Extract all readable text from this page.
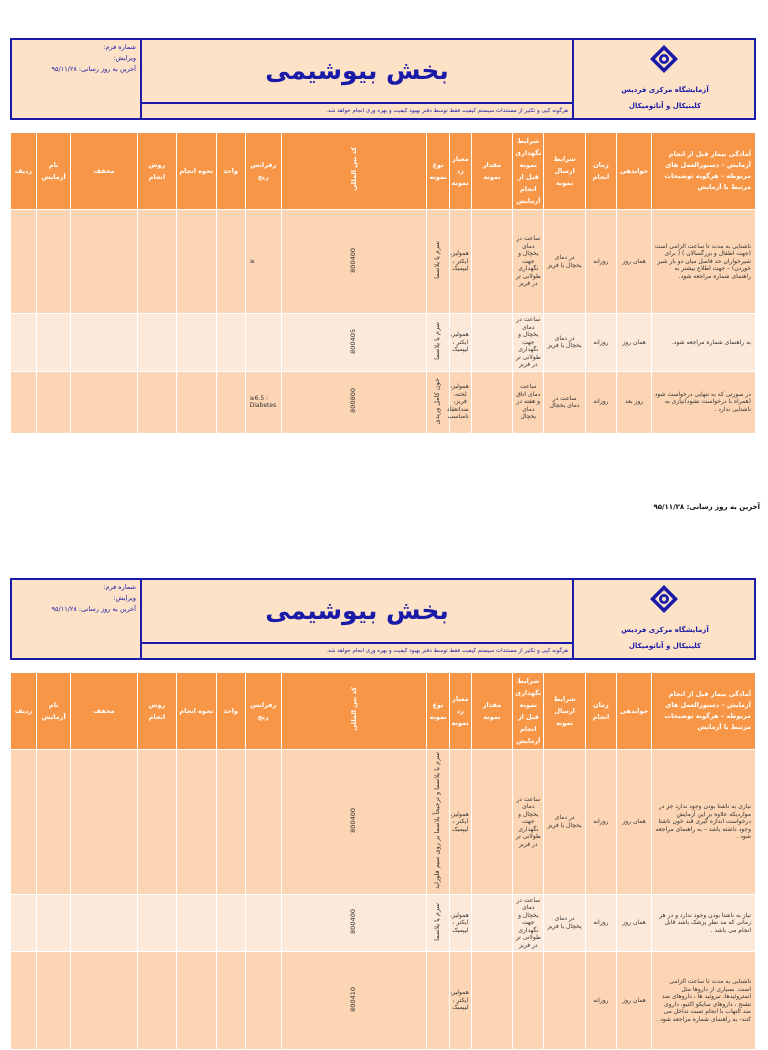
شماره فرم:
ویرایش:
آخرین به روز رسانی: ۹۵/۱۱/۲۸	بخش بیوشیمی
هرگونه کپی و تکثیر از مستندات سیستم کیفیت فقط توسط دفتر بهبود کیفیت و بهره وری انجام خواهد شد.
آزمایشگاه مرکزی فردیس
کلینیکال و آناتومیکال
آمادگی بیمار قبل از انجام آزمایش – دستورالعمل های مربوطه – هرگونه توضیحات مرتبط با آزمایش	جوابدهی	زمان انجام	شرایط ارسال نمونه	شرایط نگهداری نمونه قبل از انجام آزمایش	مقدار نمونه	معیار رد نمونه	نوع نمونه	کد بین المللی	رفرانس رنج	واحد	نحوه انجام	روش انجام	مخفف	نام آزمایش	ردیف
ناشتایی به مدت تا ساعت الزامی است (جهت اطفال و بزرگسالان ) ( برای شیرخواران حد فاصل میان دو بار شیر خوردن) – جهت اطلاع بیشتر به راهنمای شماره مراجعه شود.	همان روز	روزانه	در دمای یخچال یا فریز	ساعت در دمای یخچال و جهت نگهداری طولانی تر در فریز		همولیز، ایکتر ، لیپمیک	سرم یا پلاسما	800400	≥						
به راهنمای شماره مراجعه شود.	همان روز	روزانه	در دمای یخچال یا فریز	ساعت در دمای یخچال و جهت نگهداری طولانی تر در فریز		همولیز، ایکتر ، لیپمیک	سرم یا پلاسما	800405							
در صورتی که به تنهایی درخواست شود (همراه با درخواست نشود)نیازی به ناشتایی ندارد .	روز بعد	روزانه	ساعت در دمای یخچال	ساعت دمای اتاق و هفته در دمای یخچال		همولیز، لخته، فریز، ضدانعقاد نامناسب	خون کامل وریدی	800800	≥6.5 : Diabetes						
آخرین به روز رسانی: ۹۵/۱۱/۲۸
شماره فرم:
ویرایش:
آخرین به روز رسانی: ۹۵/۱۱/۲۸	بخش بیوشیمی
هرگونه کپی و تکثیر از مستندات سیستم کیفیت فقط توسط دفتر بهبود کیفیت و بهره وری انجام خواهد شد.
آزمایشگاه مرکزی فردیس
کلینیکال و آناتومیکال
آمادگی بیمار قبل از انجام آزمایش – دستورالعمل های مربوطه – هرگونه توضیحات مرتبط با آزمایش	جوابدهی	زمان انجام	شرایط ارسال نمونه	شرایط نگهداری نمونه قبل از انجام آزمایش	مقدار نمونه	معیار رد نمونه	نوع نمونه	کد بین المللی	رفرانس رنج	واحد	نحوه انجام	روش انجام	مخفف	نام آزمایش	ردیف
نیازی به ناشتا بودن وجود ندارد جز در مواردیکه علاوه بر این آزمایش درخواست اندازه گیری قند خون ناشتا وجود داشته باشد – به راهنمای مراجعه شود .	همان روز	روزانه	در دمای یخچال یا فریز	ساعت در دمای یخچال و جهت نگهداری طولانی تر در فریز		همولیز، ایکتر ، لیپمیک	سرم یا پلاسما و ترجیحاً پلاسما بر روی سیم فلوراید	800400							
نیاز به ناشتا بودن وجود ندارد و در هر زمانی که مد نظر پزشک باشد قابل انجام می باشد .	همان روز	روزانه	در دمای یخچال یا فریز	ساعت در دمای یخچال و جهت نگهداری طولانی تر در فریز		همولیز، ایکتر ، لیپمیک	سرم یا پلاسما	800400							
ناشتایی به مدت تا ساعت الزامی است. بسیاری از داروها مثل استروئیدها، تیروئید ها ، داروهای ضد تشنج ، داروهای سایکو اکتیو، داروی ضد التهاب با انجام تست تداخل می کنند- به راهنمای شماره مراجعه شود .	همان روز	روزانه				همولیز، ایکتر ، لیپمیک		800410							
